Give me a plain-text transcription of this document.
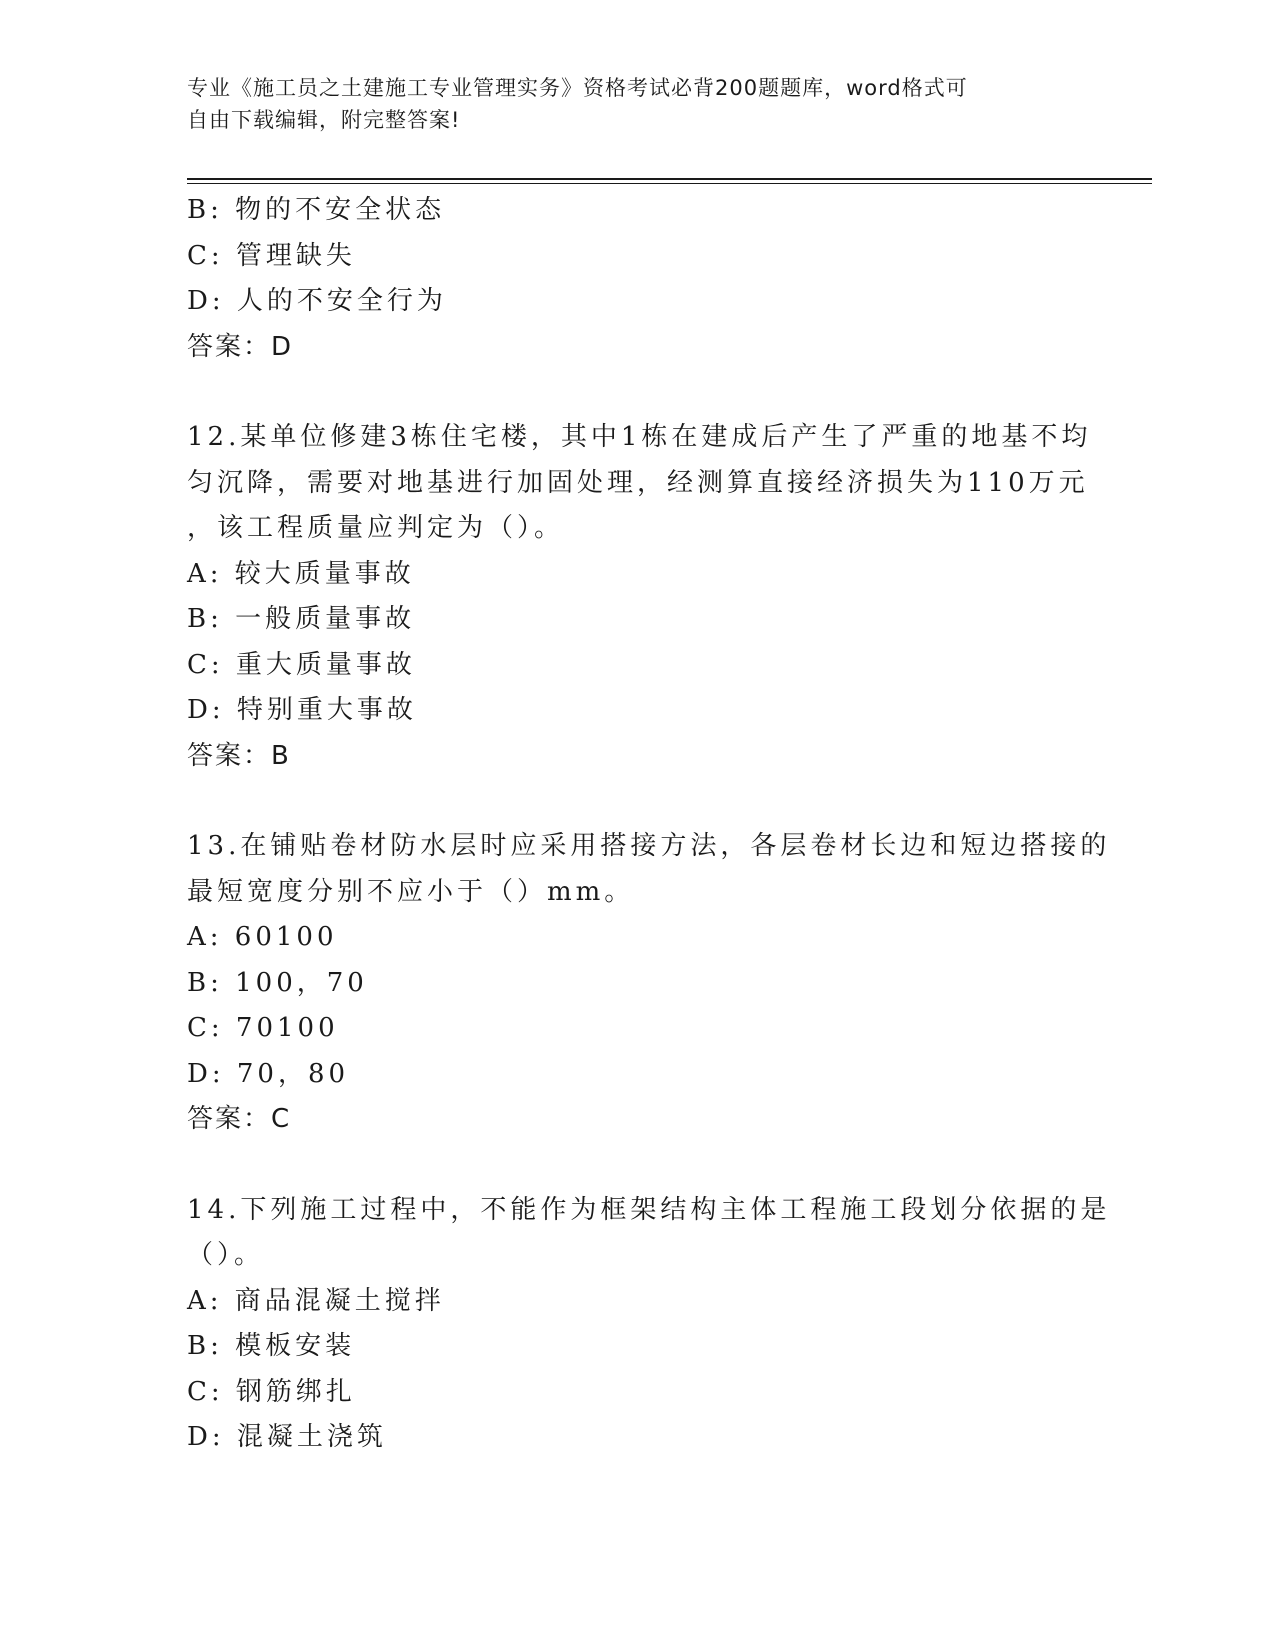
专业《施工员之土建施工专业管理实务》资格考试必背200题题库，word格式可
自由下载编辑，附完整答案!
B: 物的不安全状态
C: 管理缺失
D: 人的不安全行为
答案：D
12.某单位修建3栋住宅楼，其中1栋在建成后产生了严重的地基不均
匀沉降，需要对地基进行加固处理，经测算直接经济损失为110万元
，该工程质量应判定为（）。
A: 较大质量事故
B: 一般质量事故
C: 重大质量事故
D: 特别重大事故
答案：B
13.在铺贴卷材防水层时应采用搭接方法，各层卷材长边和短边搭接的
最短宽度分别不应小于（）mm。
A: 60100
B: 100，70
C: 70100
D: 70，80
答案：C
14.下列施工过程中，不能作为框架结构主体工程施工段划分依据的是
（）。
A: 商品混凝土搅拌
B: 模板安装
C: 钢筋绑扎
D: 混凝土浇筑
